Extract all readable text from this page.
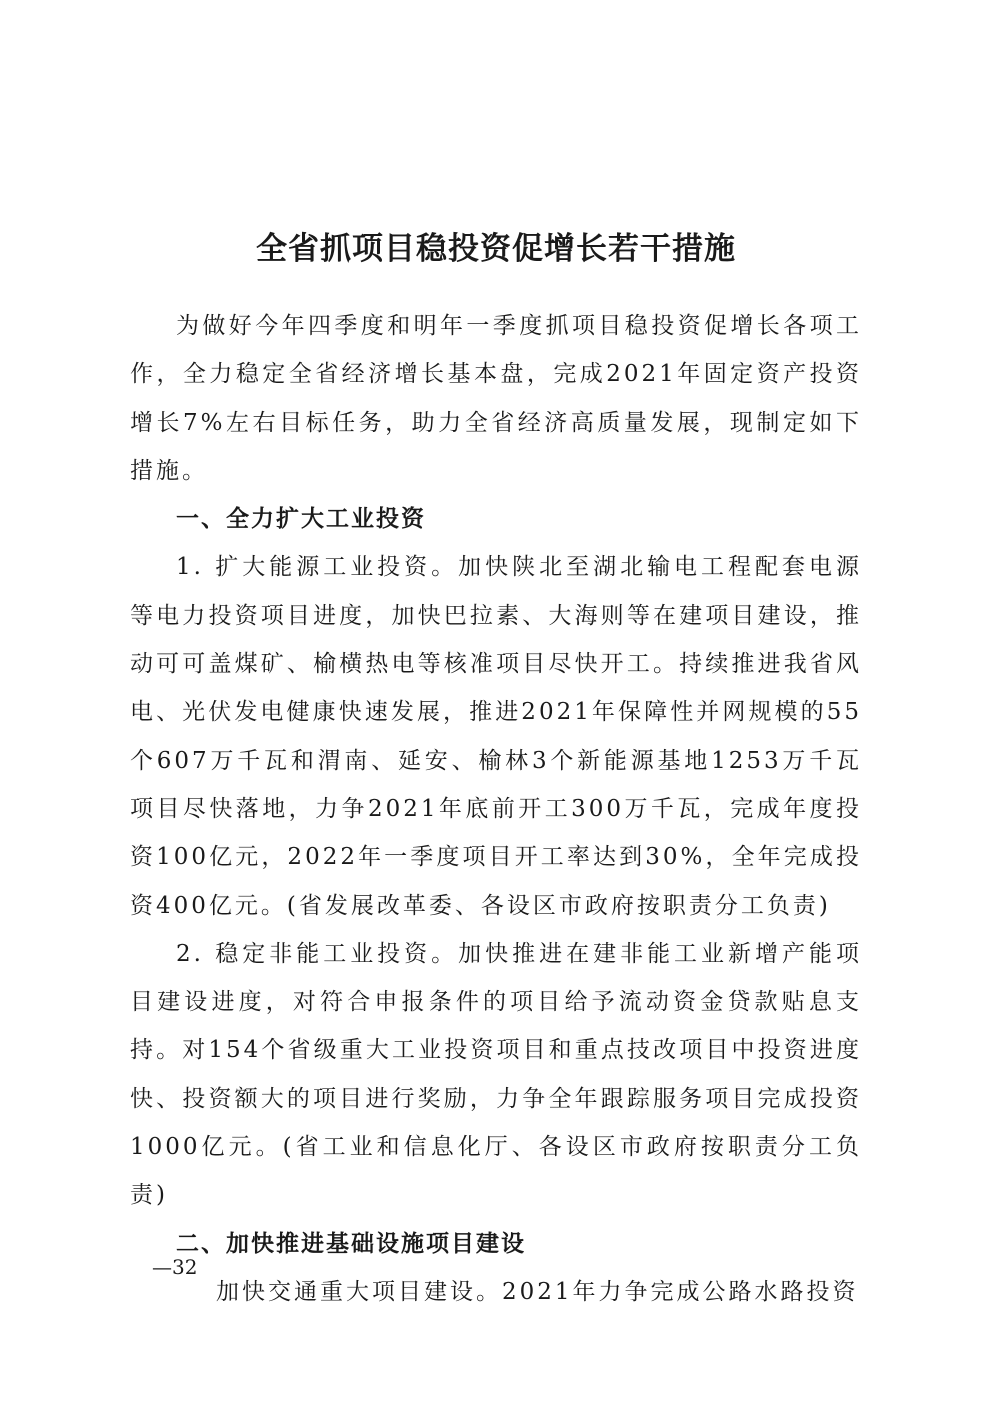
全省抓项目稳投资促增长若干措施

为做好今年四季度和明年一季度抓项目稳投资促增长各项工作，全力稳定全省经济增长基本盘，完成2021年固定资产投资增长7%左右目标任务，助力全省经济高质量发展，现制定如下措施。

一、全力扩大工业投资

1. 扩大能源工业投资。加快陕北至湖北输电工程配套电源等电力投资项目进度，加快巴拉素、大海则等在建项目建设，推动可可盖煤矿、榆横热电等核准项目尽快开工。持续推进我省风电、光伏发电健康快速发展，推进2021年保障性并网规模的55个607万千瓦和渭南、延安、榆林3个新能源基地1253万千瓦项目尽快落地，力争2021年底前开工300万千瓦，完成年度投资100亿元，2022年一季度项目开工率达到30%，全年完成投资400亿元。(省发展改革委、各设区市政府按职责分工负责)

2. 稳定非能工业投资。加快推进在建非能工业新增产能项目建设进度，对符合申报条件的项目给予流动资金贷款贴息支持。对154个省级重大工业投资项目和重点技改项目中投资进度快、投资额大的项目进行奖励，力争全年跟踪服务项目完成投资1000亿元。(省工业和信息化厅、各设区市政府按职责分工负责)

二、加快推进基础设施项目建设

加快交通重大项目建设。2021年力争完成公路水路投资

—32
